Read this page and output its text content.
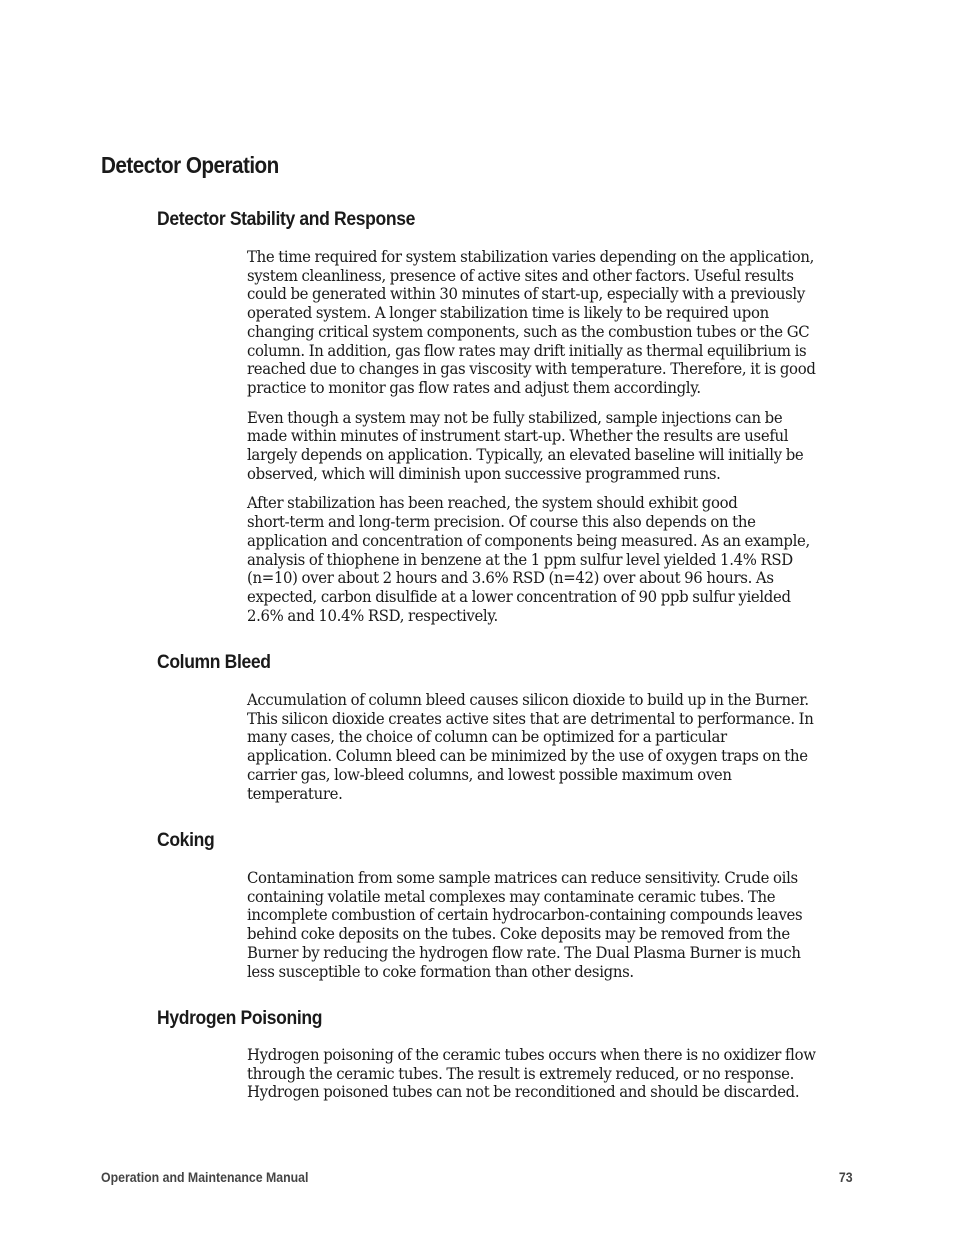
Detector Operation
Detector Stability and Response

The time required for system stabilization varies depending on the application,
system cleanliness, presence of active sites and other factors. Useful results
could be generated within 30 minutes of start-up, especially with a previously
operated system. A longer stabilization time is likely to be required upon
changing critical system components, such as the combustion tubes or the GC
column. In addition, gas flow rates may drift initially as thermal equilibrium is
reached due to changes in gas viscosity with temperature. Therefore, it is good
practice to monitor gas flow rates and adjust them accordingly.

Even though a system may not be fully stabilized, sample injections can be
made within minutes of instrument start-up. Whether the results are useful
largely depends on application. Typically, an elevated baseline will initially be
observed, which will diminish upon successive programmed runs.

After stabilization has been reached, the system should exhibit good
short-term and long-term precision. Of course this also depends on the
application and concentration of components being measured. As an example,
analysis of thiophene in benzene at the 1 ppm sulfur level yielded 1.4% RSD
(n=10) over about 2 hours and 3.6% RSD (n=42) over about 96 hours. As
expected, carbon disulfide at a lower concentration of 90 ppb sulfur yielded
2.6% and 10.4% RSD, respectively.

Column Bleed

Accumulation of column bleed causes silicon dioxide to build up in the Burner.
This silicon dioxide creates active sites that are detrimental to performance. In
many cases, the choice of column can be optimized for a particular
application. Column bleed can be minimized by the use of oxygen traps on the
carrier gas, low-bleed columns, and lowest possible maximum oven
temperature.

Coking

Contamination from some sample matrices can reduce sensitivity. Crude oils
containing volatile metal complexes may contaminate ceramic tubes. The
incomplete combustion of certain hydrocarbon-containing compounds leaves
behind coke deposits on the tubes. Coke deposits may be removed from the
Burner by reducing the hydrogen flow rate. The Dual Plasma Burner is much
less susceptible to coke formation than other designs.

Hydrogen Poisoning

Hydrogen poisoning of the ceramic tubes occurs when there is no oxidizer flow
through the ceramic tubes. The result is extremely reduced, or no response.
Hydrogen poisoned tubes can not be reconditioned and should be discarded.

Operation and Maintenance Manual	73
